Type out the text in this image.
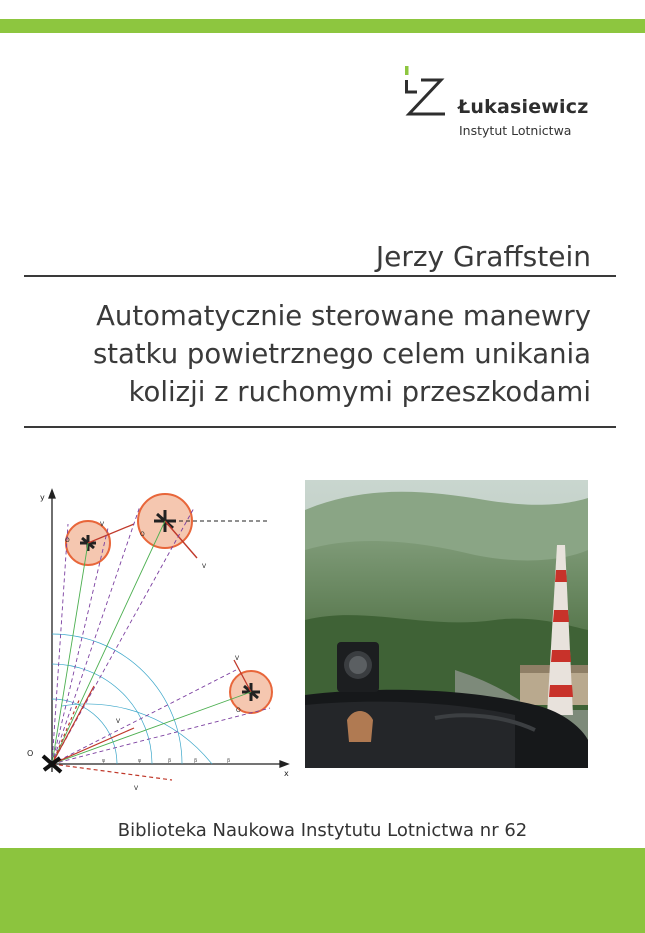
Łukasiewicz
Instytut Lotnictwa
Jerzy Graffstein
Automatycznie sterowane manewry
statku powietrznego celem unikania
kolizji z ruchomymi przeszkodami
y
x
O
V
O
O
V
V
O
V
V
ψ	ψ	β	β	β
Biblioteka Naukowa Instytutu Lotnictwa nr 62
